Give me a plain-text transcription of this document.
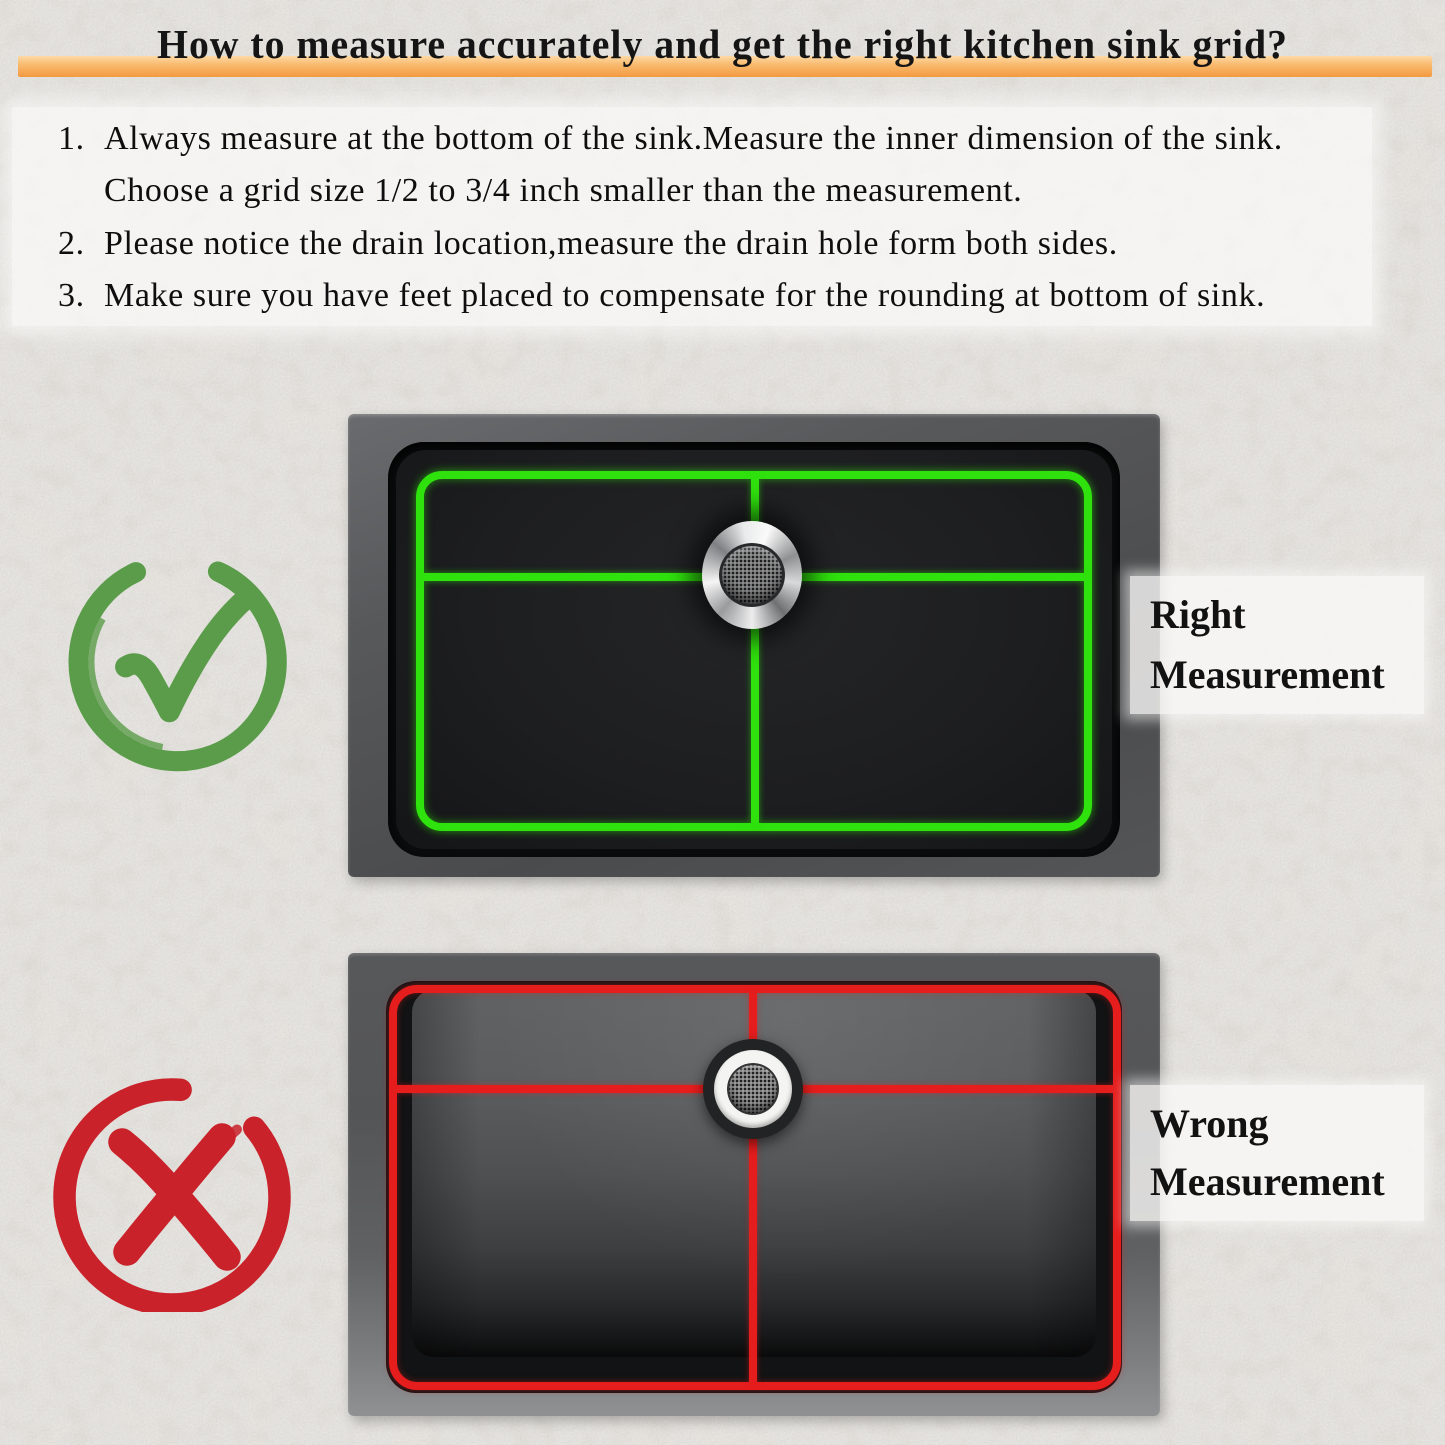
How to measure accurately and get the right kitchen sink grid?
1. Always measure at the bottom of the sink.Measure the inner dimension of the sink.
Choose a grid size 1/2 to 3/4 inch smaller than the measurement.
2. Please notice the drain location,measure the drain hole form both sides.
3. Make sure you have feet placed to compensate for the rounding at bottom of sink.
Right
Measurement
Wrong
Measurement
